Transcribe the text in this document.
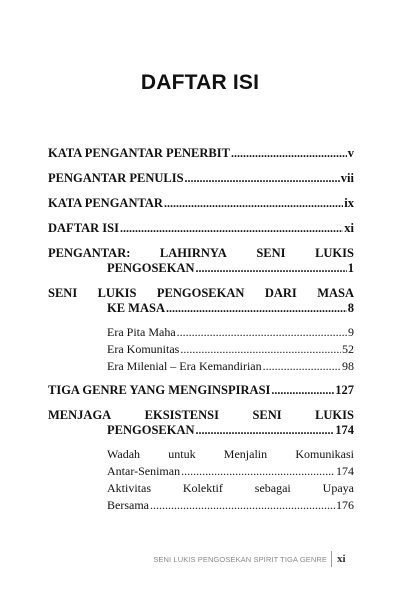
DAFTAR ISI
KATA PENGANTAR PENERBIT .....	v
PENGANTAR PENULIS .....	vii
KATA PENGANTAR .....	ix
DAFTAR ISI .....	xi
PENGANTAR: LAHIRNYA SENI LUKIS
PENGOSEKAN .....	1
SENI LUKIS PENGOSEKAN DARI MASA
KE MASA .....	8
Era Pita Maha .....	9
Era Komunitas .....	52
Era Milenial – Era Kemandirian .....	98
TIGA GENRE YANG MENGINSPIRASI .....	127
MENJAGA	EKSISTENSI	SENI	LUKIS
PENGOSEKAN .....	174
Wadah untuk Menjalin Komunikasi
Antar-Seniman .....	174
Aktivitas	Kolektif	sebagai	Upaya
Bersama .....	176
SENI LUKIS PENGOSEKAN SPIRIT TIGA GENRE xi
